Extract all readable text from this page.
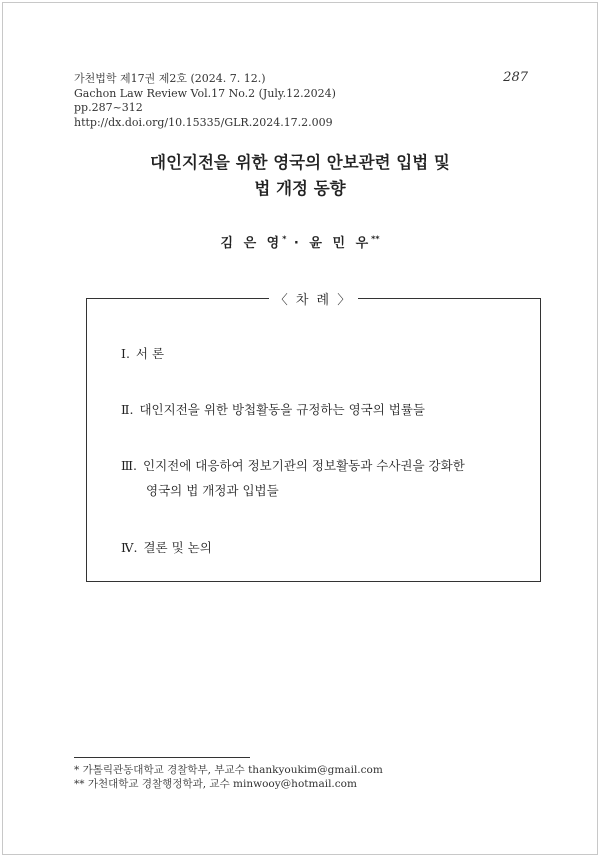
가천법학 제17권 제2호 (2024. 7. 12.)
Gachon Law Review Vol.17 No.2 (July.12.2024)
pp.287~312
http://dx.doi.org/10.15335/GLR.2024.17.2.009
287
대인지전을 위한 영국의 안보관련 입법 및
법 개정 동향
김 은 영* · 윤 민 우**
〈 차 례 〉
Ⅰ. 서 론
Ⅱ. 대인지전을 위한 방첩활동을 규정하는 영국의 법률들
Ⅲ. 인지전에 대응하여 정보기관의 정보활동과 수사권을 강화한
영국의 법 개정과 입법들
Ⅳ. 결론 및 논의
* 가톨릭관동대학교 경찰학부, 부교수 thankyoukim@gmail.com
** 가천대학교 경찰행정학과, 교수 minwooy@hotmail.com
